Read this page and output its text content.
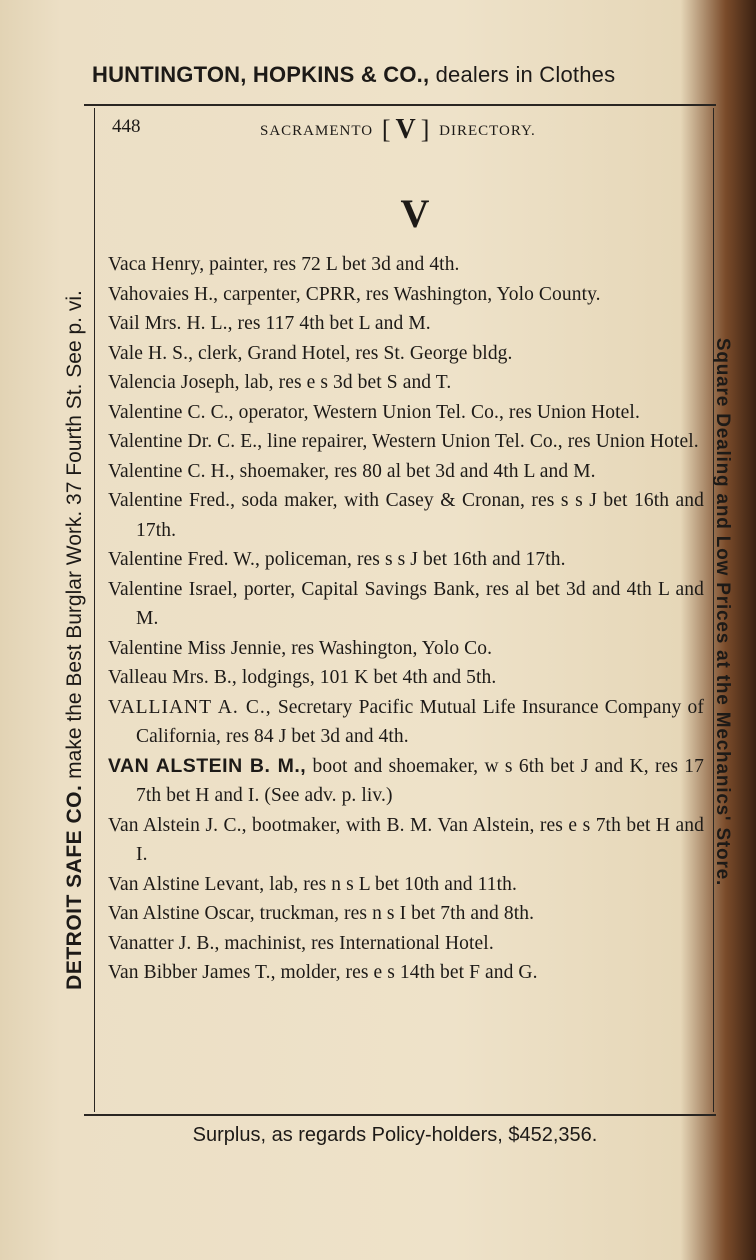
HUNTINGTON, HOPKINS & CO., dealers in Clothes
DETROIT SAFE CO. make the Best Burglar Work. 37 Fourth St. See p. vi.	Square Dealing and Low Prices at the Mechanics' Store.
448	SACRAMENTO [ V ] DIRECTORY.
V
Vaca Henry, painter, res 72 L bet 3d and 4th.
Vahovaies H., carpenter, CPRR, res Washington, Yolo County.
Vail Mrs. H. L., res 117 4th bet L and M.
Vale H. S., clerk, Grand Hotel, res St. George bldg.
Valencia Joseph, lab, res e s 3d bet S and T.
Valentine C. C., operator, Western Union Tel. Co., res Union Hotel.
Valentine Dr. C. E., line repairer, Western Union Tel. Co., res Union Hotel.
Valentine C. H., shoemaker, res 80 al bet 3d and 4th L and M.
Valentine Fred., soda maker, with Casey & Cronan, res s s J bet 16th and 17th.
Valentine Fred. W., policeman, res s s J bet 16th and 17th.
Valentine Israel, porter, Capital Savings Bank, res al bet 3d and 4th L and M.
Valentine Miss Jennie, res Washington, Yolo Co.
Valleau Mrs. B., lodgings, 101 K bet 4th and 5th.
VALLIANT A. C., Secretary Pacific Mutual Life Insurance Company of California, res 84 J bet 3d and 4th.
VAN ALSTEIN B. M., boot and shoemaker, w s 6th bet J and K, res 17 7th bet H and I. (See adv. p. liv.)
Van Alstein J. C., bootmaker, with B. M. Van Alstein, res e s 7th bet H and I.
Van Alstine Levant, lab, res n s L bet 10th and 11th.
Van Alstine Oscar, truckman, res n s I bet 7th and 8th.
Vanatter J. B., machinist, res International Hotel.
Van Bibber James T., molder, res e s 14th bet F and G.
Surplus, as regards Policy-holders, $452,356.
